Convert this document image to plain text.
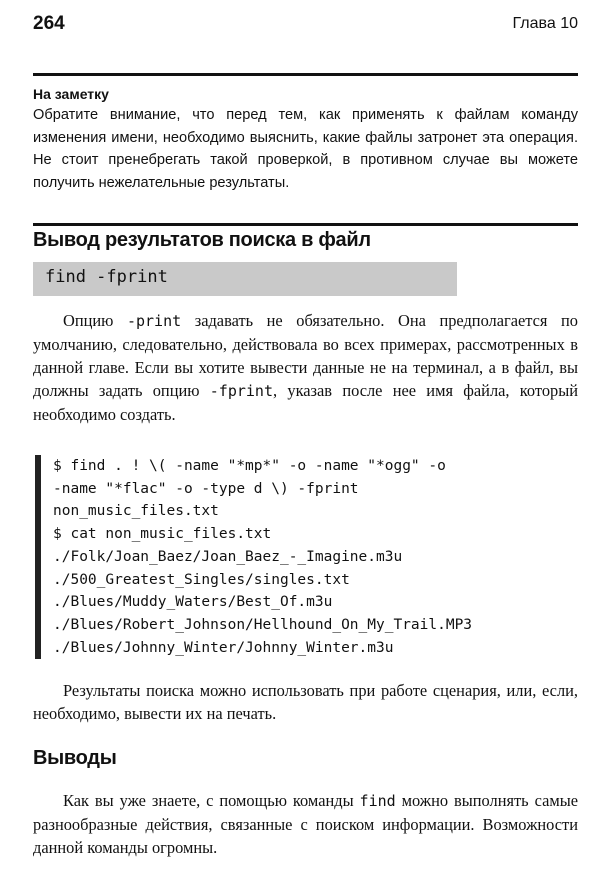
264	Глава 10
На заметку
Обратите внимание, что перед тем, как применять к файлам команду изменения имени, необходимо выяснить, какие файлы затронет эта операция. Не стоит пренебрегать такой проверкой, в противном случае вы можете получить нежелательные результаты.
Вывод результатов поиска в файл
find -fprint
Опцию -print задавать не обязательно. Она предполагается по умолчанию, следовательно, действовала во всех примерах, рассмотренных в данной главе. Если вы хотите вывести данные не на терминал, а в файл, вы должны задать опцию -fprint, указав после нее имя файла, который необходимо создать.
$ find . ! \( -name "*mp*" -o -name "*ogg" -o
-name "*flac" -o -type d \) -fprint
non_music_files.txt
$ cat non_music_files.txt
./Folk/Joan_Baez/Joan_Baez_-_Imagine.m3u
./500_Greatest_Singles/singles.txt
./Blues/Muddy_Waters/Best_Of.m3u
./Blues/Robert_Johnson/Hellhound_On_My_Trail.MP3
./Blues/Johnny_Winter/Johnny_Winter.m3u
Результаты поиска можно использовать при работе сценария, или, если, необходимо, вывести их на печать.
Выводы
Как вы уже знаете, с помощью команды find можно выполнять самые разнообразные действия, связанные с поиском информации. Возможности данной команды огромны.
